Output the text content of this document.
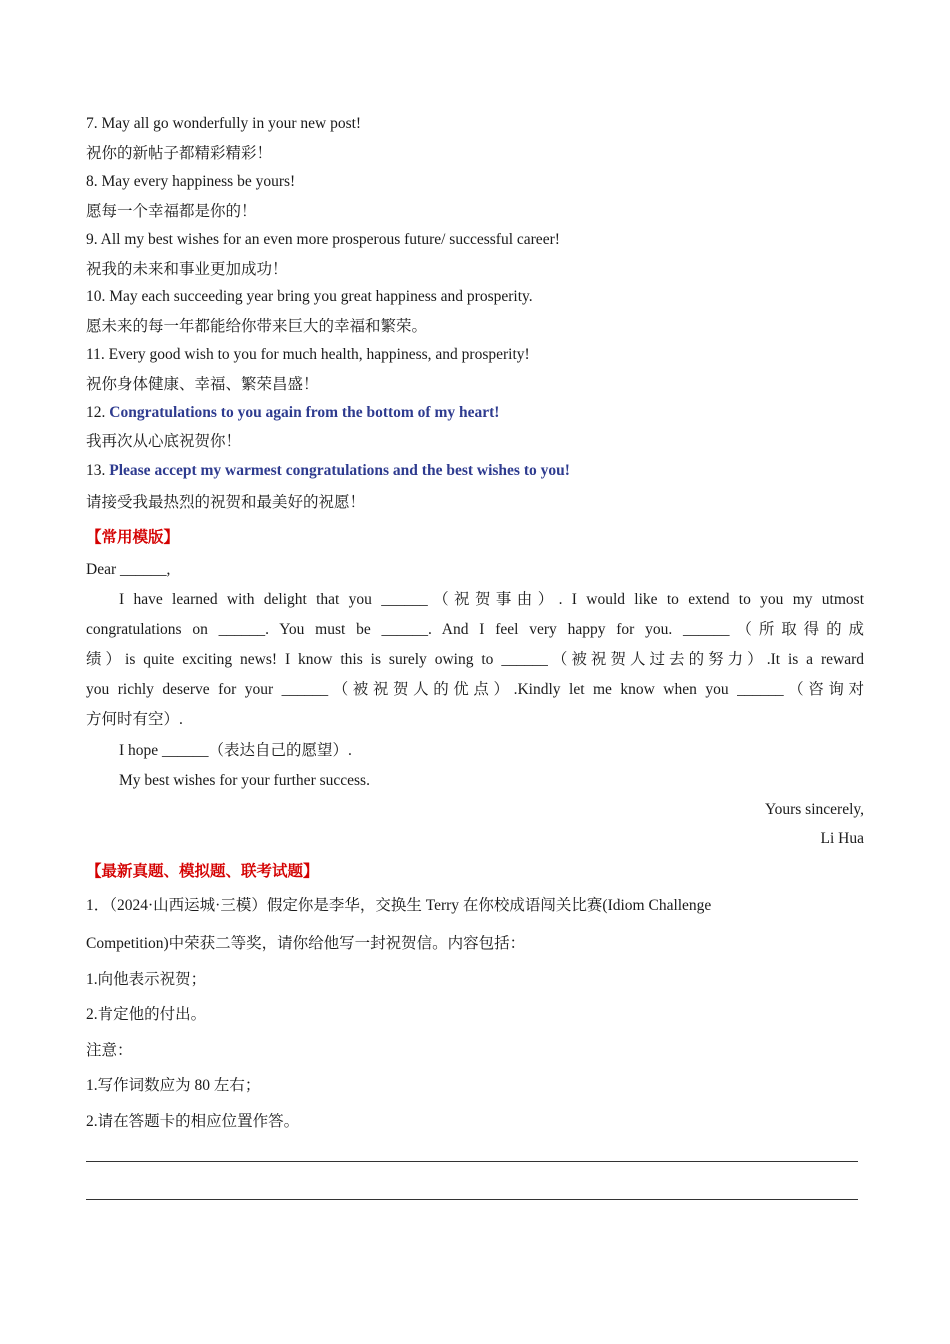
7. May all go wonderfully in your new post!
祝你的新帖子都精彩精彩！
8. May every happiness be yours!
愿每一个幸福都是你的！
9. All my best wishes for an even more prosperous future/ successful career!
祝我的未来和事业更加成功！
10. May each succeeding year bring you great happiness and prosperity.
愿未来的每一年都能给你带来巨大的幸福和繁荣。
11. Every good wish to you for much health, happiness, and prosperity!
祝你身体健康、幸福、繁荣昌盛！
12. Congratulations to you again from the bottom of my heart!
我再次从心底祝贺你！
13. Please accept my warmest congratulations and the best wishes to you!
请接受我最热烈的祝贺和最美好的祝愿！
【常用模版】
Dear ______,
I have learned with delight that you ______（祝贺事由）. I would like to extend to you my utmost
congratulations on ______. You must be ______. And I feel very happy for you. ______（所取得的成
绩）is quite exciting news! I know this is surely owing to ______（被祝贺人过去的努力）.It is a reward
you richly deserve for your ______（被祝贺人的优点）.Kindly let me know when you ______（咨询对
方何时有空）.
I hope ______（表达自己的愿望）.
My best wishes for your further success.
Yours sincerely,
Li Hua
【最新真题、模拟题、联考试题】
1．（2024·山西运城·三模）假定你是李华，交换生 Terry 在你校成语闯关比赛(Idiom Challenge
Competition)中荣获二等奖，请你给他写一封祝贺信。内容包括：
1.向他表示祝贺；
2.肯定他的付出。
注意：
1.写作词数应为 80 左右；
2.请在答题卡的相应位置作答。
